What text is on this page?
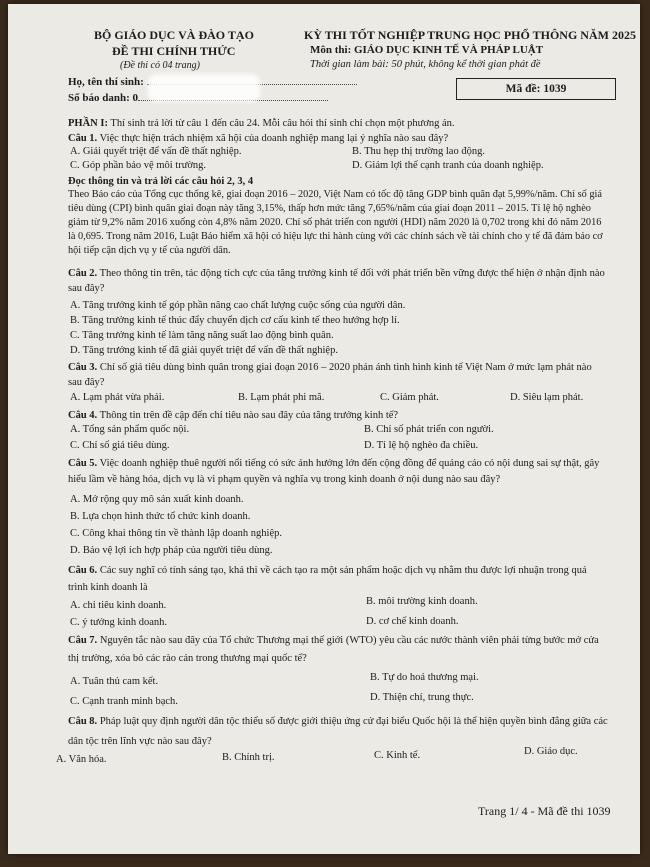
BỘ GIÁO DỤC VÀ ĐÀO TẠO
ĐỀ THI CHÍNH THỨC
(Đề thi có 04 trang)
KỲ THI TỐT NGHIỆP TRUNG HỌC PHỔ THÔNG NĂM 2025
Môn thi: GIÁO DỤC KINH TẾ VÀ PHÁP LUẬT
Thời gian làm bài: 50 phút, không kể thời gian phát đề
Họ, tên thí sinh:
Số báo danh: 0
Mã đề: 1039
PHẦN I: Thí sinh trả lời từ câu 1 đến câu 24. Mỗi câu hỏi thí sinh chỉ chọn một phương án.
Câu 1. Việc thực hiện trách nhiệm xã hội của doanh nghiệp mang lại ý nghĩa nào sau đây?
A. Giải quyết triệt để vấn đề thất nghiệp.	B. Thu hẹp thị trường lao động.
C. Góp phần bảo vệ môi trường.	D. Giảm lợi thế cạnh tranh của doanh nghiệp.
Đọc thông tin và trả lời các câu hỏi 2, 3, 4
Theo Báo cáo của Tổng cục thống kê, giai đoạn 2016 – 2020, Việt Nam có tốc độ tăng GDP bình quân đạt 5,99%/năm. Chỉ số giá tiêu dùng (CPI) bình quân giai đoạn này tăng 3,15%, thấp hơn mức tăng 7,65%/năm của giai đoạn 2011 – 2015. Tỉ lệ hộ nghèo giảm từ 9,2% năm 2016 xuống còn 4,8% năm 2020. Chỉ số phát triển con người (HDI) năm 2020 là 0,702 trong khi đó năm 2016 là 0,695. Trong năm 2016, Luật Bảo hiểm xã hội có hiệu lực thi hành cùng với các chính sách về tài chính cho y tế đã đảm bảo cơ hội tiếp cận dịch vụ y tế của người dân.
Câu 2. Theo thông tin trên, tác động tích cực của tăng trưởng kinh tế đối với phát triển bền vững được thể hiện ở nhận định nào sau đây?
A. Tăng trưởng kinh tế góp phần nâng cao chất lượng cuộc sống của người dân.
B. Tăng trưởng kinh tế thúc đẩy chuyển dịch cơ cấu kinh tế theo hướng hợp lí.
C. Tăng trưởng kinh tế làm tăng năng suất lao động bình quân.
D. Tăng trưởng kinh tế đã giải quyết triệt để vấn đề thất nghiệp.
Câu 3. Chỉ số giá tiêu dùng bình quân trong giai đoạn 2016 – 2020 phản ánh tình hình kinh tế Việt Nam ở mức lạm phát nào sau đây?
A. Lạm phát vừa phải.	B. Lạm phát phi mã.	C. Giảm phát.	D. Siêu lạm phát.
Câu 4. Thông tin trên đề cập đến chỉ tiêu nào sau đây của tăng trưởng kinh tế?
A. Tổng sản phẩm quốc nội.	B. Chỉ số phát triển con người.
C. Chỉ số giá tiêu dùng.	D. Tỉ lệ hộ nghèo đa chiều.
Câu 5. Việc doanh nghiệp thuê người nổi tiếng có sức ảnh hưởng lớn đến cộng đồng để quảng cáo có nội dung sai sự thật, gây hiểu lầm về hàng hóa, dịch vụ là vi phạm quyền và nghĩa vụ trong kinh doanh ở nội dung nào sau đây?
A. Mở rộng quy mô sản xuất kinh doanh.
B. Lựa chọn hình thức tổ chức kinh doanh.
C. Công khai thông tin về thành lập doanh nghiệp.
D. Bảo vệ lợi ích hợp pháp của người tiêu dùng.
Câu 6. Các suy nghĩ có tính sáng tạo, khả thi về cách tạo ra một sản phẩm hoặc dịch vụ nhằm thu được lợi nhuận trong quá trình kinh doanh là
A. chỉ tiêu kinh doanh.	B. môi trường kinh doanh.
C. ý tưởng kinh doanh.	D. cơ chế kinh doanh.
Câu 7. Nguyên tắc nào sau đây của Tổ chức Thương mại thế giới (WTO) yêu cầu các nước thành viên phải từng bước mở cửa thị trường, xóa bỏ các rào cản trong thương mại quốc tế?
A. Tuân thủ cam kết.	B. Tự do hoá thương mại.
C. Cạnh tranh minh bạch.	D. Thiện chí, trung thực.
Câu 8. Pháp luật quy định người dân tộc thiểu số được giới thiệu ứng cử đại biểu Quốc hội là thể hiện quyền bình đẳng giữa các dân tộc trên lĩnh vực nào sau đây?
A. Văn hóa.	B. Chính trị.	C. Kinh tế.	D. Giáo dục.
Trang 1/ 4 - Mã đề thi 1039
